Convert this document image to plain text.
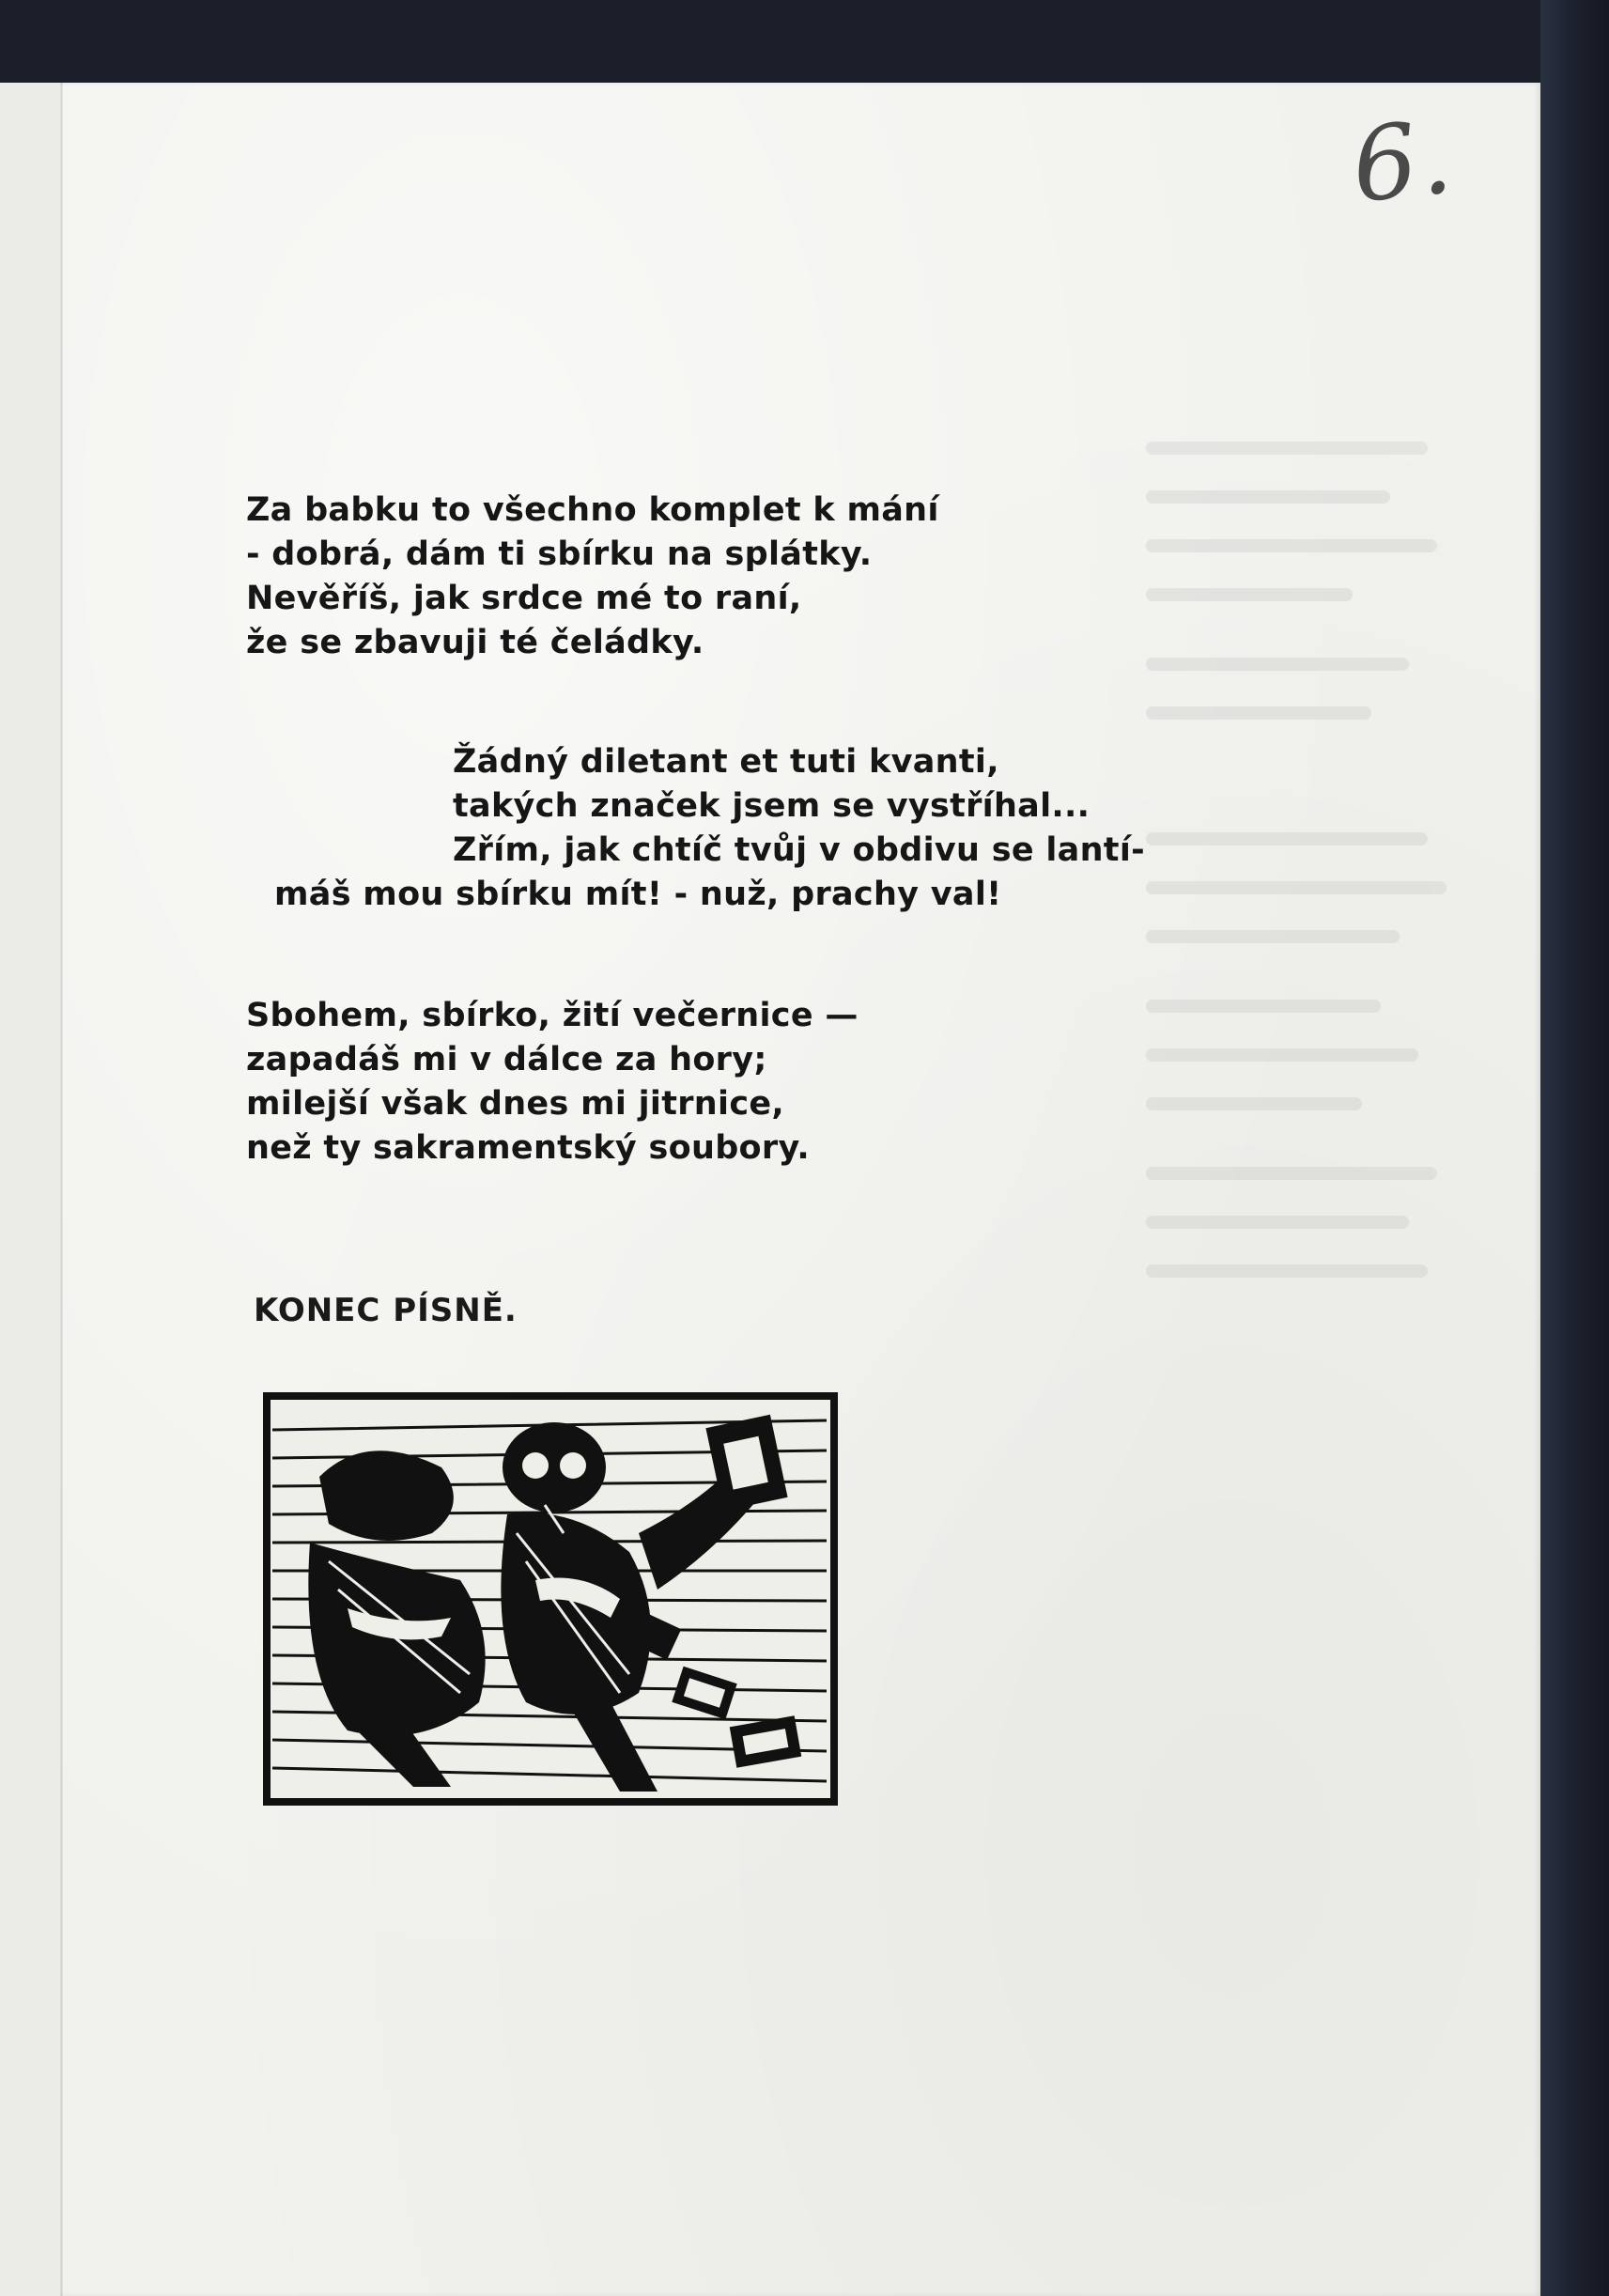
6.
Za babku to všechno komplet k mání
- dobrá, dám ti sbírku na splátky.
Nevěříš, jak srdce mé to raní,
že se zbavuji té čeládky.
Žádný diletant et tuti kvanti,
takých značek jsem se vystříhal...
Zřím, jak chtíč tvůj v obdivu se lantí-
máš mou sbírku mít! - nuž, prachy val!
Sbohem, sbírko, žití večernice —
zapadáš mi v dálce za hory;
milejší však dnes mi jitrnice,
než ty sakramentský soubory.
KONEC PÍSNĚ.
